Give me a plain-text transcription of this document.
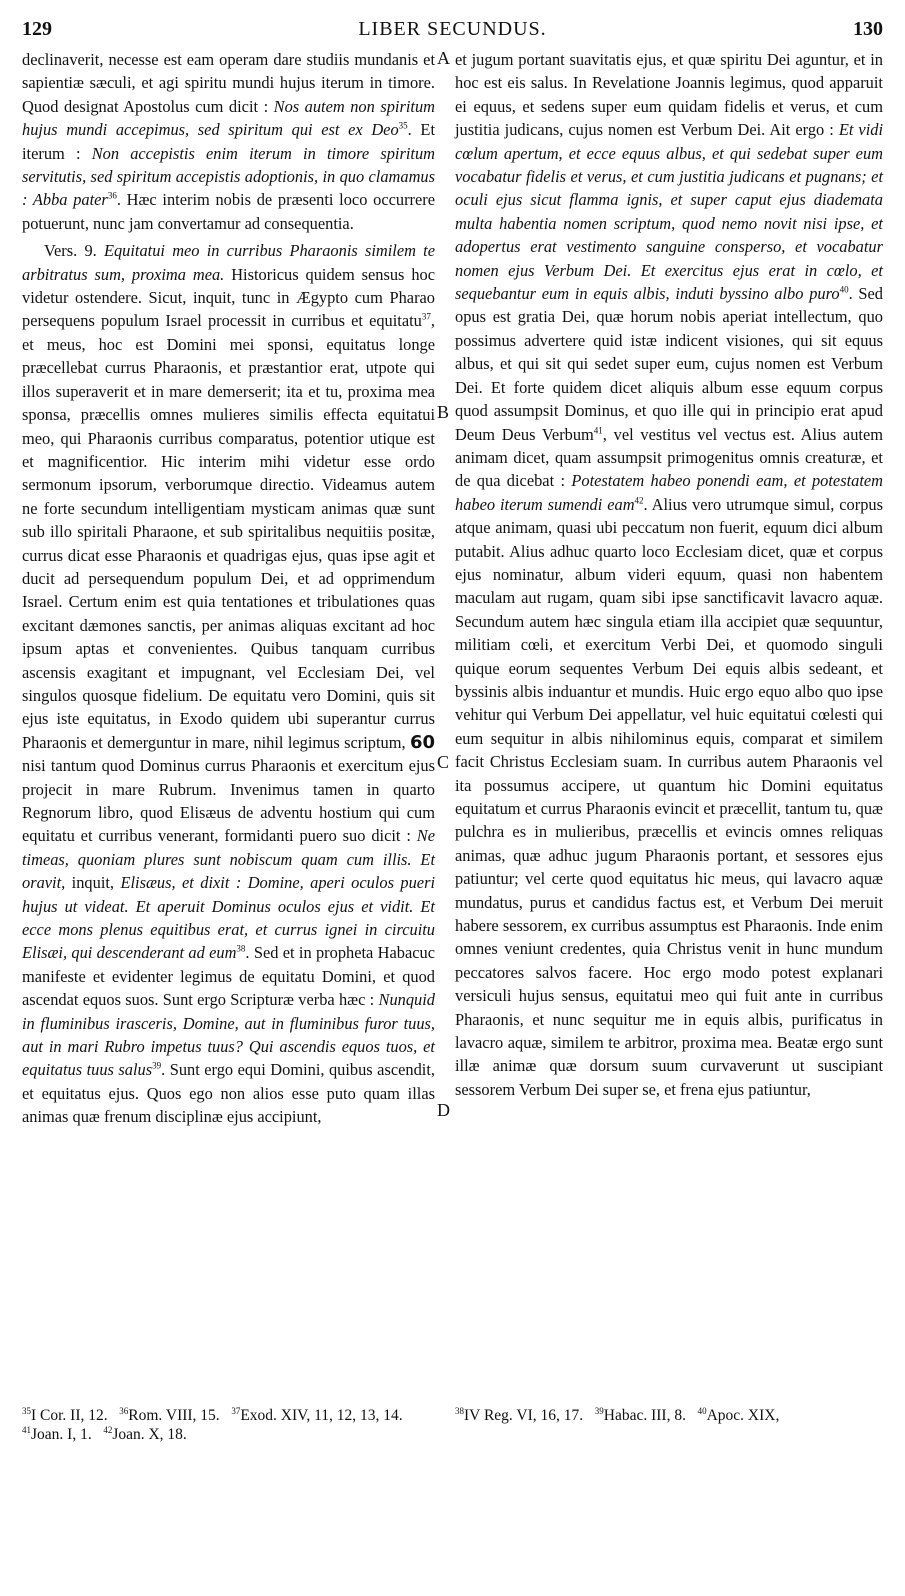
129	LIBER SECUNDUS.	130

declinaverit, necesse est eam operam dare studiis mundanis et sapientiæ sæculi, et agi spiritu mundi hujus iterum in timore. Quod designat Apostolus cum dicit : Nos autem non spiritum hujus mundi accepimus, sed spiritum qui est ex Deo$^{35}$. Et iterum : Non accepistis enim iterum in timore spiritum servitutis, sed spiritum accepistis adoptionis, in quo clamamus : Abba pater$^{36}$. Hæc interim nobis de præsenti loco occurrere potuerunt, nunc jam convertamur ad consequentia.

Vers. 9. Equitatui meo in curribus Pharaonis similem te arbitratus sum, proxima mea. Historicus quidem sensus hoc videtur ostendere. Sicut, inquit, tunc in Ægypto cum Pharao persequens populum Israel processit in curribus et equitatu$^{37}$, et meus, hoc est Domini mei sponsi, equitatus longe præcellebat currus Pharaonis, et præstantior erat, utpote qui illos superaverit et in mare demerserit; ita et tu, proxima mea sponsa, præcellis omnes mulieres similis effecta equitatui meo, qui Pharaonis curribus comparatus, potentior utique est et magnificentior. Hic interim mihi videtur esse ordo sermonum ipsorum, verborumque directio. Videamus autem ne forte secundum intelligentiam mysticam animas quæ sunt sub illo spiritali Pharaone, et sub spiritalibus nequitiis positæ, currus dicat esse Pharaonis et quadrigas ejus, quas ipse agit et ducit ad persequendum populum Dei, et ad opprimendum Israel. Certum enim est quia tentationes et tribulationes quas excitant dæmones sanctis, per animas aliquas excitant ad hoc ipsum aptas et convenientes. Quibus tanquam curribus ascensis exagitant et impugnant, vel Ecclesiam Dei, vel singulos quosque fidelium. De equitatu vero Domini, quis sit ejus iste equitatus, in Exodo quidem ubi superantur currus Pharaonis et demerguntur in mare, nihil legimus scriptum, 60 nisi tantum quod Dominus currus Pharaonis et exercitum ejus projecit in mare Rubrum. Invenimus tamen in quarto Regnorum libro, quod Elisæus de adventu hostium qui cum equitatu et curribus venerant, formidanti puero suo dicit : Ne timeas, quoniam plures sunt nobiscum quam cum illis. Et oravit, inquit, Elisæus, et dixit : Domine, aperi oculos pueri hujus ut videat. Et aperuit Dominus oculos ejus et vidit. Et ecce mons plenus equitibus erat, et currus ignei in circuitu Elisæi, qui descenderant ad eum$^{38}$. Sed et in propheta Habacuc manifeste et evidenter legimus de equitatu Domini, et quod ascendat equos suos. Sunt ergo Scripturæ verba hæc : Nunquid in fluminibus irasceris, Domine, aut in fluminibus furor tuus, aut in mari Rubro impetus tuus? Qui ascendis equos tuos, et equitatus tuus salus$^{39}$. Sunt ergo equi Domini, quibus ascendit, et equitatus ejus. Quos ego non alios esse puto quam illas animas quæ frenum disciplinæ ejus accipiunt,

A
B
C
D

et jugum portant suavitatis ejus, et quæ spiritu Dei aguntur, et in hoc est eis salus. In Revelatione Joannis legimus, quod apparuit ei equus, et sedens super eum quidam fidelis et verus, et cum justitia judicans, cujus nomen est Verbum Dei. Ait ergo : Et vidi cœlum apertum, et ecce equus albus, et qui sedebat super eum vocabatur fidelis et verus, et cum justitia judicans et pugnans; et oculi ejus sicut flamma ignis, et super caput ejus diademata multa habentia nomen scriptum, quod nemo novit nisi ipse, et adopertus erat vestimento sanguine conspersо, et vocabatur nomen ejus Verbum Dei. Et exercitus ejus erat in cœlo, et sequebantur eum in equis albis, induti byssino albo puro$^{40}$. Sed opus est gratia Dei, quæ horum nobis aperiat intellectum, quo possimus advertere quid istæ indicent visiones, qui sit equus albus, et qui sit qui sedet super eum, cujus nomen est Verbum Dei. Et forte quidem dicet aliquis album esse equum corpus quod assumpsit Dominus, et quo ille qui in principio erat apud Deum Deus Verbum$^{41}$, vel vestitus vel vectus est. Alius autem animam dicet, quam assumpsit primogenitus omnis creaturæ, et de qua dicebat : Potestatem habeo ponendi eam, et potestatem habeo iterum sumendi eam$^{42}$. Alius vero utrumque simul, corpus atque animam, quasi ubi peccatum non fuerit, equum dici album putabit. Alius adhuc quarto loco Ecclesiam dicet, quæ et corpus ejus nominatur, album videri equum, quasi non habentem maculam aut rugam, quam sibi ipse sanctificavit lavacro aquæ. Secundum autem hæc singula etiam illa accipiet quæ sequuntur, militiam cœli, et exercitum Verbi Dei, et quomodo singuli quique eorum sequentes Verbum Dei equis albis sedeant, et byssinis albis induantur et mundis. Huic ergo equo albo quo ipse vehitur qui Verbum Dei appellatur, vel huic equitatui cœlesti qui eum sequitur in albis nihilominus equis, comparat et similem facit Christus Ecclesiam suam. In curribus autem Pharaonis vel ita possumus accipere, ut quantum hic Domini equitatus equitatum et currus Pharaonis evincit et præcellit, tantum tu, quæ pulchra es in mulieribus, præcellis et evincis omnes reliquas animas, quæ adhuc jugum Pharaonis portant, et sessores ejus patiuntur; vel certe quod equitatus hic meus, qui lavacro aquæ mundatus, purus et candidus factus est, et Verbum Dei meruit habere sessorem, ex curribus assumptus est Pharaonis. Inde enim omnes veniunt credentes, quia Christus venit in hunc mundum peccatores salvos facere. Hoc ergo modo potest explanari versiculi hujus sensus, equitatui meo qui fuit ante in curribus Pharaonis, et nunc sequitur me in equis albis, purificatus in lavacro aquæ, similem te arbitror, proxima mea. Beatæ ergo sunt illæ animæ quæ dorsum suum curvaverunt ut suscipiant sessorem Verbum Dei super se, et frena ejus patiuntur,

$^{35}$I Cor. II, 12. $^{36}$Rom. VIII, 15. $^{37}$Exod. XIV, 11, 12, 13, 14.   $^{41}$Joan. I, 1. $^{42}$Joan. X, 18.
$^{38}$IV Reg. VI, 16, 17. $^{39}$Habac. III, 8. $^{40}$Apoc. XIX,
